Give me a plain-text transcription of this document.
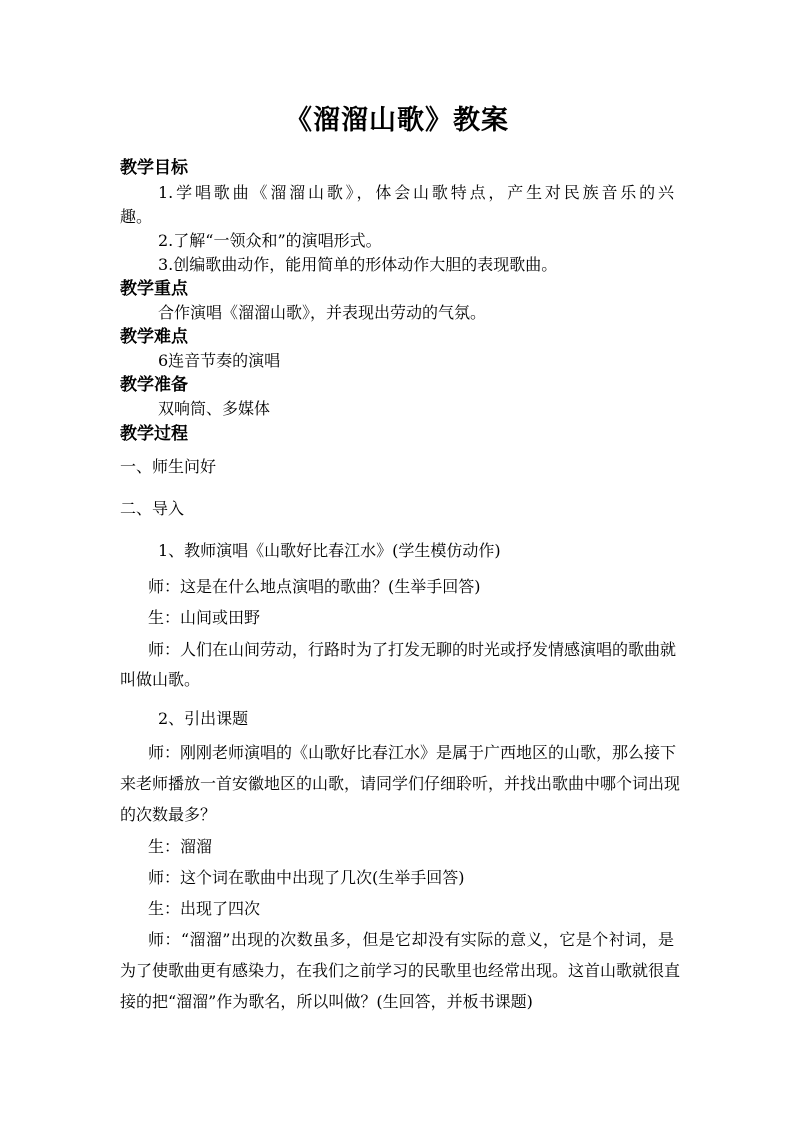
《溜溜山歌》教案
教学目标
1.学唱歌曲《溜溜山歌》，体会山歌特点，产生对民族音乐的兴
趣。
2.了解“一领众和”的演唱形式。
3.创编歌曲动作，能用简单的形体动作大胆的表现歌曲。
教学重点
合作演唱《溜溜山歌》，并表现出劳动的气氛。
教学难点
6连音节奏的演唱
教学准备
双响筒、多媒体
教学过程
一、师生问好
二、导入
1、教师演唱《山歌好比春江水》(学生模仿动作)
师：这是在什么地点演唱的歌曲？(生举手回答)
生：山间或田野
师：人们在山间劳动，行路时为了打发无聊的时光或抒发情感演唱的歌曲就
叫做山歌。
2、引出课题
师：刚刚老师演唱的《山歌好比春江水》是属于广西地区的山歌，那么接下
来老师播放一首安徽地区的山歌，请同学们仔细聆听，并找出歌曲中哪个词出现
的次数最多？
生：溜溜
师：这个词在歌曲中出现了几次(生举手回答)
生：出现了四次
师：“溜溜”出现的次数虽多，但是它却没有实际的意义，它是个衬词，是
为了使歌曲更有感染力，在我们之前学习的民歌里也经常出现。这首山歌就很直
接的把“溜溜”作为歌名，所以叫做？(生回答，并板书课题)
